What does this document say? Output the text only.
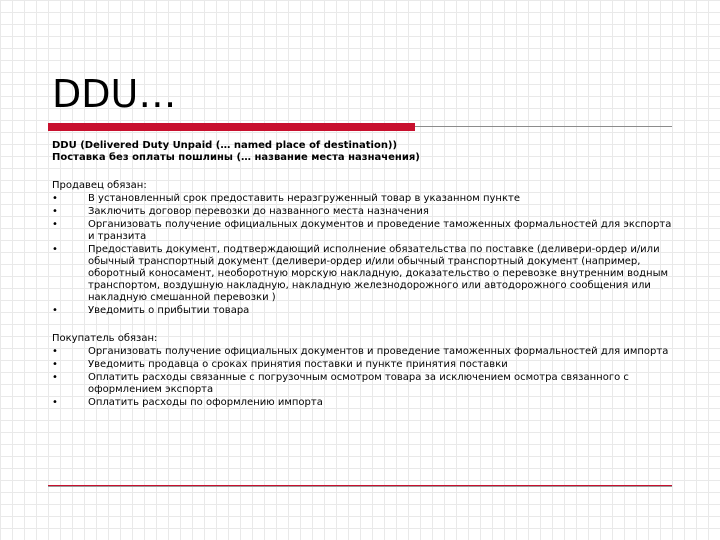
DDU…
DDU (Delivered Duty Unpaid (… named place of destination))
Поставка без оплаты пошлины (… название места назначения)
Продавец обязан:
•	В установленный срок предоставить неразгруженный товар в указанном пункте
•	Заключить договор перевозки до названного места назначения
•	Организовать получение официальных документов и проведение таможенных формальностей для экспорта и транзита
•	Предоставить документ, подтверждающий исполнение обязательства по поставке (деливери-ордер и/или обычный транспортный документ (деливери-ордер и/или обычный транспортный документ (например, оборотный коносамент, необоротную морскую накладную, доказательство о перевозке внутренним водным транспортом, воздушную накладную, накладную железнодорожного или автодорожного сообщения или накладную смешанной перевозки )
•	Уведомить о прибытии товара
Покупатель обязан:
•	Организовать получение официальных документов и проведение таможенных формальностей для импорта
•	Уведомить продавца о сроках принятия поставки и пункте принятия поставки
•	Оплатить расходы связанные с погрузочным осмотром товара за исключением осмотра связанного с оформлением экспорта
•	Оплатить расходы по оформлению импорта
